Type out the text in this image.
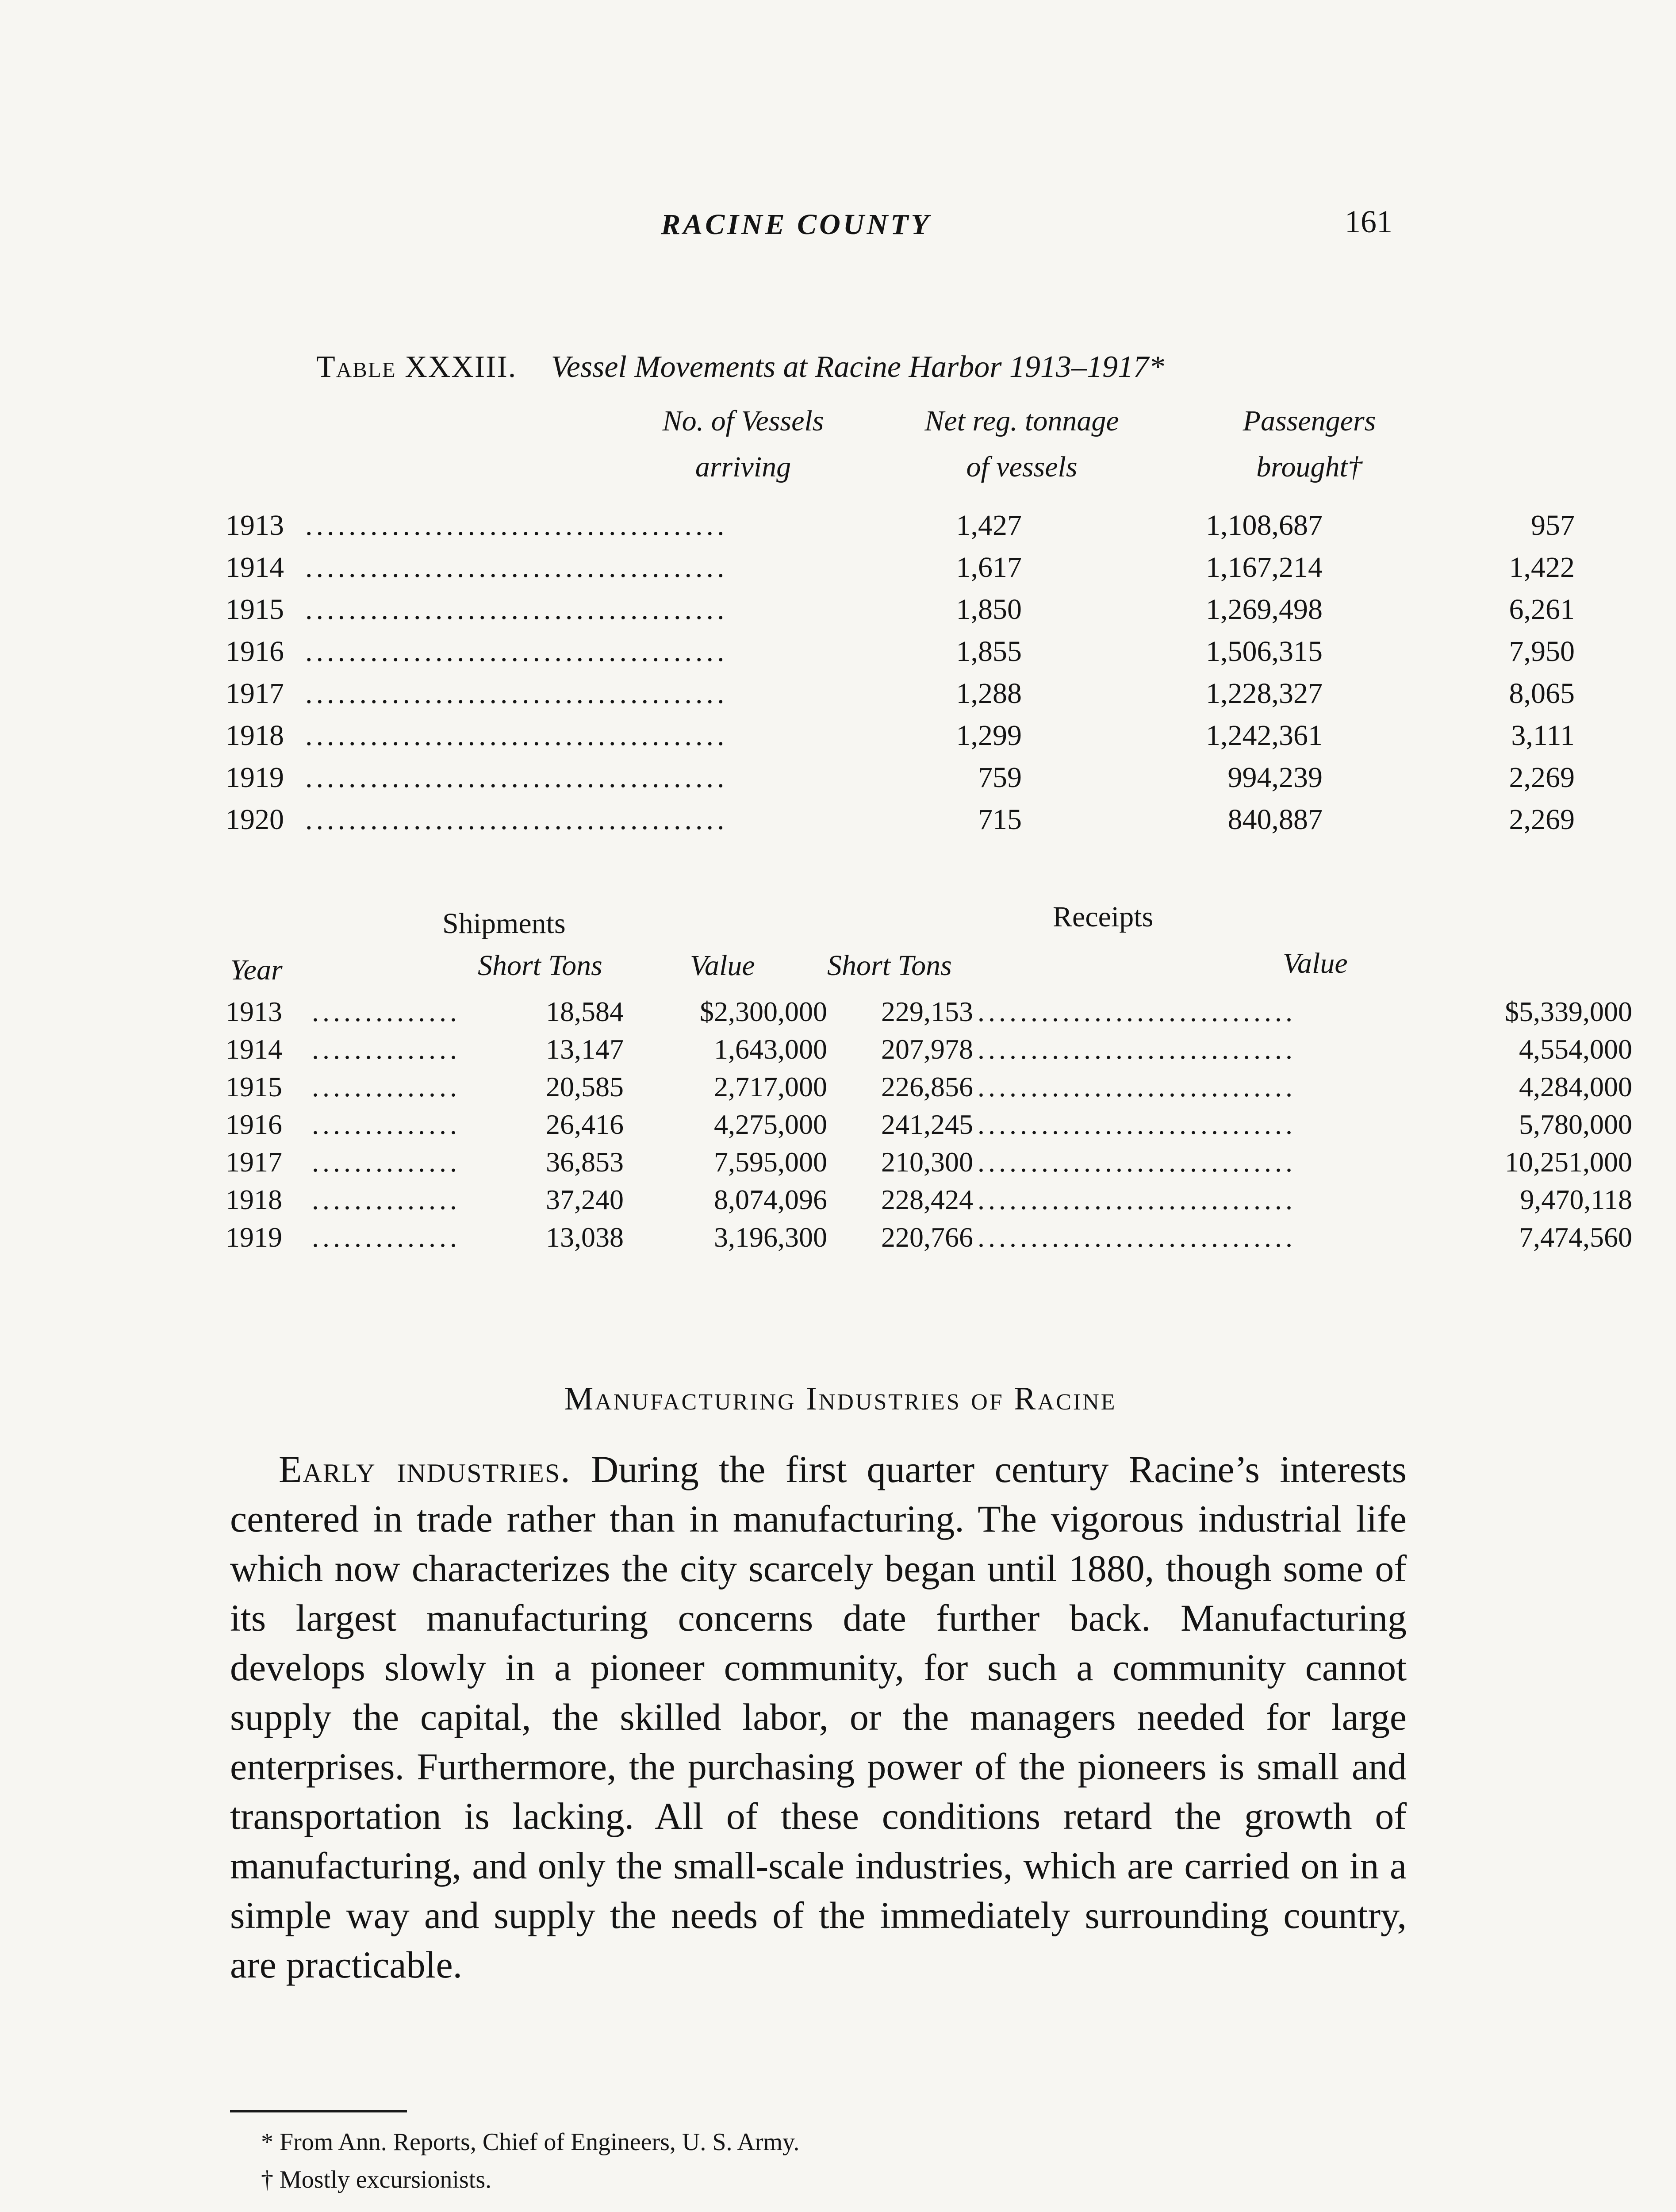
RACINE COUNTY	161
Table XXXIII. Vessel Movements at Racine Harbor 1913–1917*
No. of Vessels
arriving
Net reg. tonnage
of vessels
Passengers
brought†
1913 .......................................	1,427	1,108,687	957
1914 .......................................	1,617	1,167,214	1,422
1915 .......................................	1,850	1,269,498	6,261
1916 .......................................	1,855	1,506,315	7,950
1917 .......................................	1,288	1,228,327	8,065
1918 .......................................	1,299	1,242,361	3,111
1919 .......................................	759	994,239	2,269
1920 .......................................	715	840,887	2,269
Shipments	Receipts
Year	Short Tons	Value Short Tons	Value
1913 ..............	18,584	$2,300,000	229,153 ..............................	$5,339,000
1914 ..............	13,147	1,643,000	207,978 ..............................	4,554,000
1915 ..............	20,585	2,717,000	226,856 ..............................	4,284,000
1916 ..............	26,416	4,275,000	241,245 ..............................	5,780,000
1917 ..............	36,853	7,595,000	210,300 ..............................	10,251,000
1918 ..............	37,240	8,074,096	228,424 ..............................	9,470,118
1919 ..............	13,038	3,196,300	220,766 ..............................	7,474,560
Manufacturing Industries of Racine
Early industries. During the first quarter century Racine’s interests centered in trade rather than in manufacturing. The vigorous industrial life which now characterizes the city scarcely began until 1880, though some of its largest manufacturing concerns date further back. Manufacturing develops slowly in a pioneer community, for such a community cannot supply the capital, the skilled labor, or the managers needed for large enterprises. Furthermore, the purchasing power of the pioneers is small and transportation is lacking. All of these conditions retard the growth of manufacturing, and only the small-scale industries, which are carried on in a simple way and supply the needs of the immediately surrounding country, are practicable.
* From Ann. Reports, Chief of Engineers, U. S. Army.
† Mostly excursionists.
